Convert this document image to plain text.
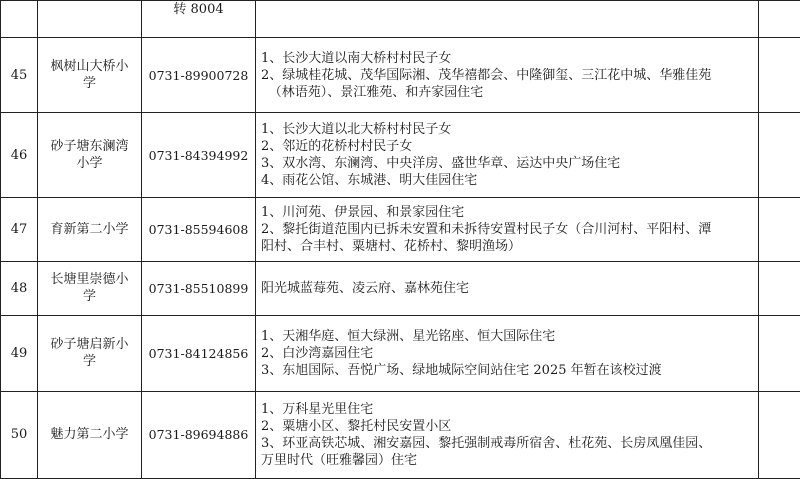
		转 8004		
45	枫树山大桥小学	0731-89900728	1、长沙大道以南大桥村村民子女
2、绿城桂花城、茂华国际湘、茂华禧都会、中隆御玺、三江花中城、华雅佳苑
（林语苑）、景江雅苑、和卉家园住宅	

46	砂子塘东澜湾小学	0731-84394992	1、长沙大道以北大桥村村民子女
2、邻近的花桥村村民子女
3、双水湾、东澜湾、中央洋房、盛世华章、运达中央广场住宅
4、雨花公馆、东城港、明大佳园住宅	

47	育新第二小学	0731-85594608	1、川河苑、伊景园、和景家园住宅
2、黎托街道范围内已拆未安置和未拆待安置村民子女（合川河村、平阳村、潭
阳村、合丰村、粟塘村、花桥村、黎明渔场）	

48	长塘里崇德小学	0731-85510899	阳光城蓝莓苑、凌云府、嘉林苑住宅	

49	砂子塘启新小学	0731-84124856	1、天湘华庭、恒大绿洲、星光铭座、恒大国际住宅
2、白沙湾嘉园住宅
3、东旭国际、吾悦广场、绿地城际空间站住宅 2025 年暂在该校过渡	

50	魅力第二小学	0731-89694886	1、万科星光里住宅
2、粟塘小区、黎托村民安置小区
3、环亚高铁芯城、湘安嘉园、黎托强制戒毒所宿舍、杜花苑、长房凤凰佳园、
万里时代（旺雅馨园）住宅	
